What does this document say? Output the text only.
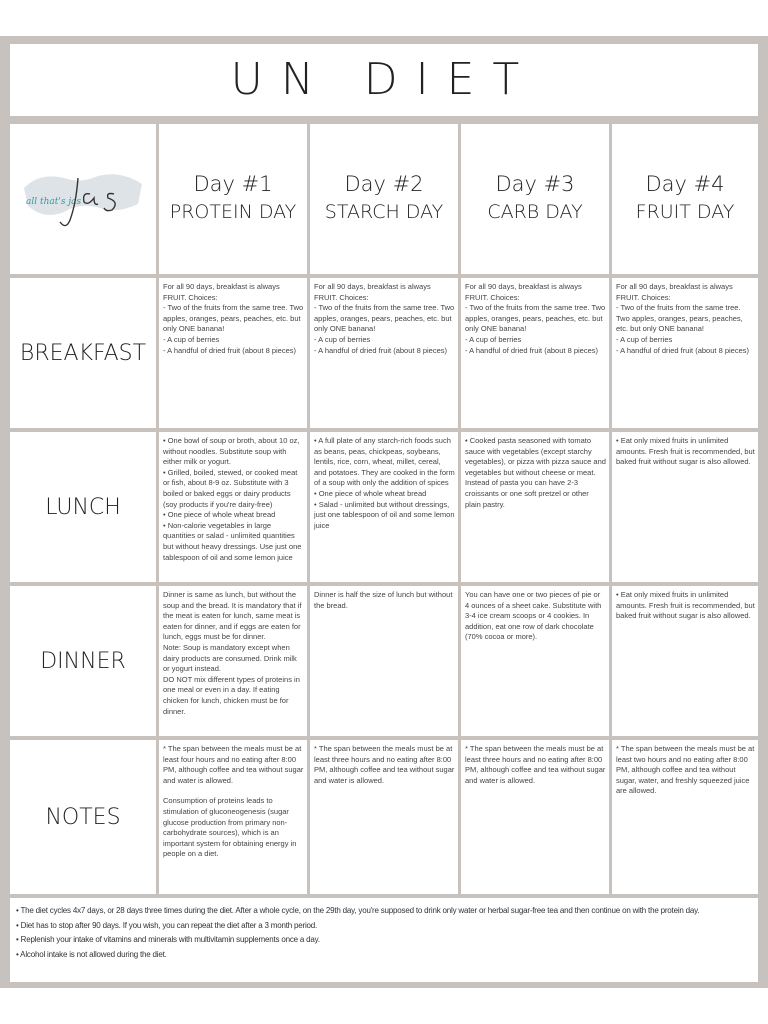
UN DIET
all that's jas
Day #1
PROTEIN DAY
Day #2
STARCH DAY
Day #3
CARB DAY
Day #4
FRUIT DAY
BREAKFAST

For all 90 days, breakfast is always FRUIT. Choices:

- Two of the fruits from the same tree. Two apples, oranges, pears, peaches, etc. but only ONE banana!

- A cup of berries

- A handful of dried fruit (about 8 pieces)

For all 90 days, breakfast is always FRUIT. Choices:

- Two of the fruits from the same tree. Two apples, oranges, pears, peaches, etc. but only ONE banana!

- A cup of berries

- A handful of dried fruit (about 8 pieces)

For all 90 days, breakfast is always FRUIT. Choices:

- Two of the fruits from the same tree. Two apples, oranges, pears, peaches, etc. but only ONE banana!

- A cup of berries

- A handful of dried fruit (about 8 pieces)

For all 90 days, breakfast is always FRUIT. Choices:

- Two of the fruits from the same tree. Two apples, oranges, pears, peaches, etc. but only ONE banana!

- A cup of berries

- A handful of dried fruit (about 8 pieces)

LUNCH

• One bowl of soup or broth, about 10 oz, without noodles. Substitute soup with either milk or yogurt.

• Grilled, boiled, stewed, or cooked meat or fish, about 8-9 oz. Substitute with 3 boiled or baked eggs or dairy products (soy products if you're dairy-free)

• One piece of whole wheat bread

• Non-calorie vegetables in large quantities or salad - unlimited quantities but without heavy dressings. Use just one tablespoon of oil and some lemon juice

• A full plate of any starch-rich foods such as beans, peas, chickpeas, soybeans, lentils, rice, corn, wheat, millet, cereal, and potatoes. They are cooked in the form of a soup with only the addition of spices

• One piece of whole wheat bread

• Salad - unlimited but without dressings, just one tablespoon of oil and some lemon juice

• Cooked pasta seasoned with tomato sauce with vegetables (except starchy vegetables), or pizza with pizza sauce and vegetables but without cheese or meat. Instead of pasta you can have 2-3 croissants or one soft pretzel or other plain pastry.

• Eat only mixed fruits in unlimited amounts. Fresh fruit is recommended, but baked fruit without sugar is also allowed.

DINNER

Dinner is same as lunch, but without the soup and the bread. It is mandatory that if the meat is eaten for lunch, same meat is eaten for dinner, and if eggs are eaten for lunch, eggs must be for dinner.

Note: Soup is mandatory except when dairy products are consumed. Drink milk or yogurt instead.

DO NOT mix different types of proteins in one meal or even in a day. If eating chicken for lunch, chicken must be for dinner.

Dinner is half the size of lunch but without the bread.

You can have one or two pieces of pie or 4 ounces of a sheet cake. Substitute with 3-4 ice cream scoops or 4 cookies. In addition, eat one row of dark chocolate (70% cocoa or more).

• Eat only mixed fruits in unlimited amounts. Fresh fruit is recommended, but baked fruit without sugar is also allowed.

NOTES

* The span between the meals must be at least four hours and no eating after 8:00 PM, although coffee and tea without sugar and water is allowed.

Consumption of proteins leads to stimulation of gluconeogenesis (sugar glucose production from primary non-carbohydrate sources), which is an important system for obtaining energy in people on a diet.

* The span between the meals must be at least three hours and no eating after 8:00 PM, although coffee and tea without sugar and water is allowed.

* The span between the meals must be at least three hours and no eating after 8:00 PM, although coffee and tea without sugar and water is allowed.

* The span between the meals must be at least two hours and no eating after 8:00 PM, although coffee and tea without sugar, water, and freshly squeezed juice are allowed.

• The diet cycles 4x7 days, or 28 days three times during the diet. After a whole cycle, on the 29th day, you're supposed to drink only water or herbal sugar-free tea and then continue on with the protein day.

• Diet has to stop after 90 days. If you wish, you can repeat the diet after a 3 month period.

• Replenish your intake of vitamins and minerals with multivitamin supplements once a day.

• Alcohol intake is not allowed during the diet.
